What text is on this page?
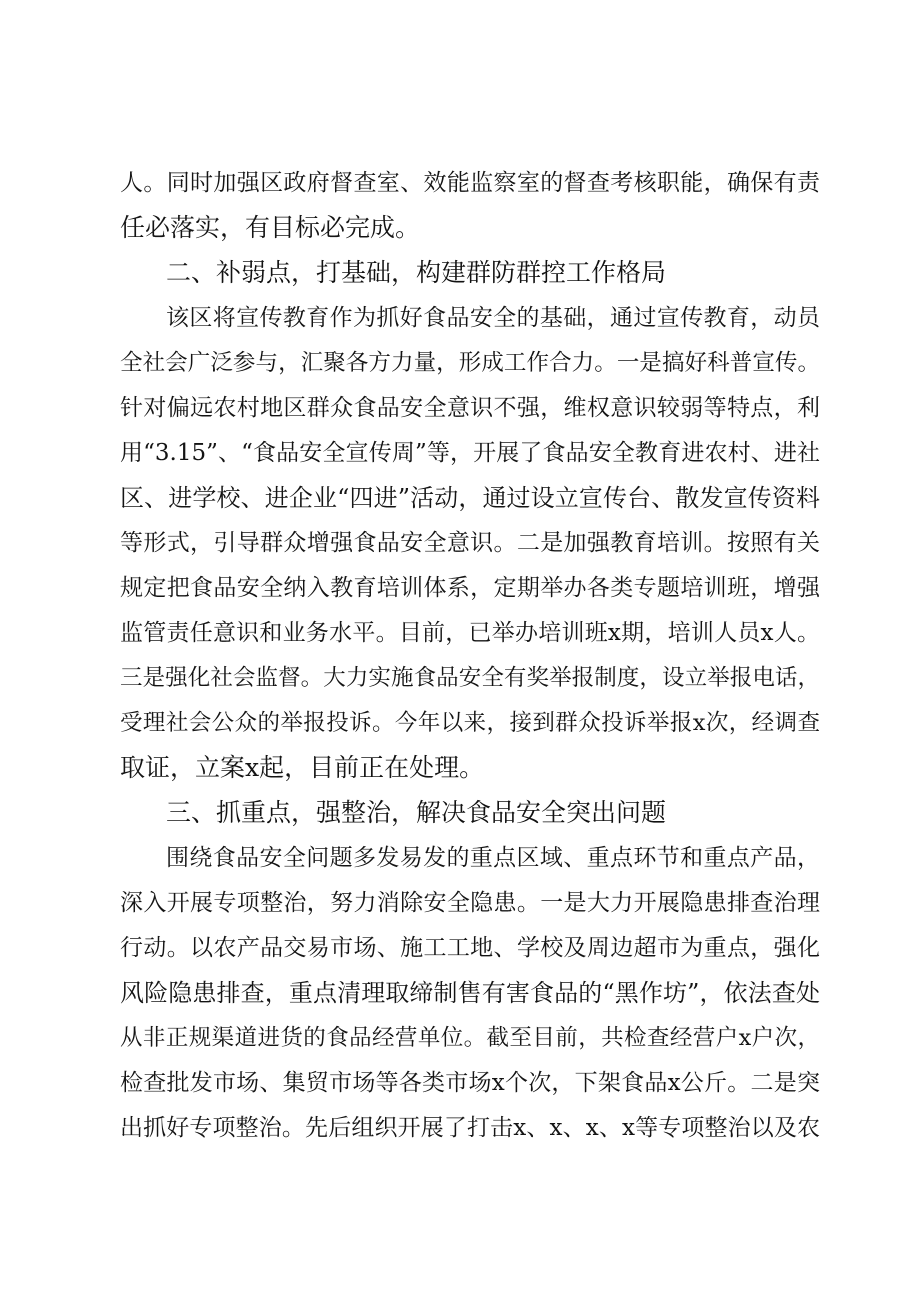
人。同时加强区政府督查室、效能监察室的督查考核职能，确保有责
任必落实，有目标必完成。
二、补弱点，打基础，构建群防群控工作格局
该区将宣传教育作为抓好食品安全的基础，通过宣传教育，动员
全社会广泛参与，汇聚各方力量，形成工作合力。一是搞好科普宣传。
针对偏远农村地区群众食品安全意识不强，维权意识较弱等特点，利
用“3.15”、“食品安全宣传周”等，开展了食品安全教育进农村、进社
区、进学校、进企业“四进”活动，通过设立宣传台、散发宣传资料
等形式，引导群众增强食品安全意识。二是加强教育培训。按照有关
规定把食品安全纳入教育培训体系，定期举办各类专题培训班，增强
监管责任意识和业务水平。目前，已举办培训班x期，培训人员x人。
三是强化社会监督。大力实施食品安全有奖举报制度，设立举报电话，
受理社会公众的举报投诉。今年以来，接到群众投诉举报x次，经调查
取证，立案x起，目前正在处理。
三、抓重点，强整治，解决食品安全突出问题
围绕食品安全问题多发易发的重点区域、重点环节和重点产品，
深入开展专项整治，努力消除安全隐患。一是大力开展隐患排查治理
行动。以农产品交易市场、施工工地、学校及周边超市为重点，强化
风险隐患排查，重点清理取缔制售有害食品的“黑作坊”，依法查处
从非正规渠道进货的食品经营单位。截至目前，共检查经营户x户次，
检查批发市场、集贸市场等各类市场x个次，下架食品x公斤。二是突
出抓好专项整治。先后组织开展了打击x、x、x、x等专项整治以及农
